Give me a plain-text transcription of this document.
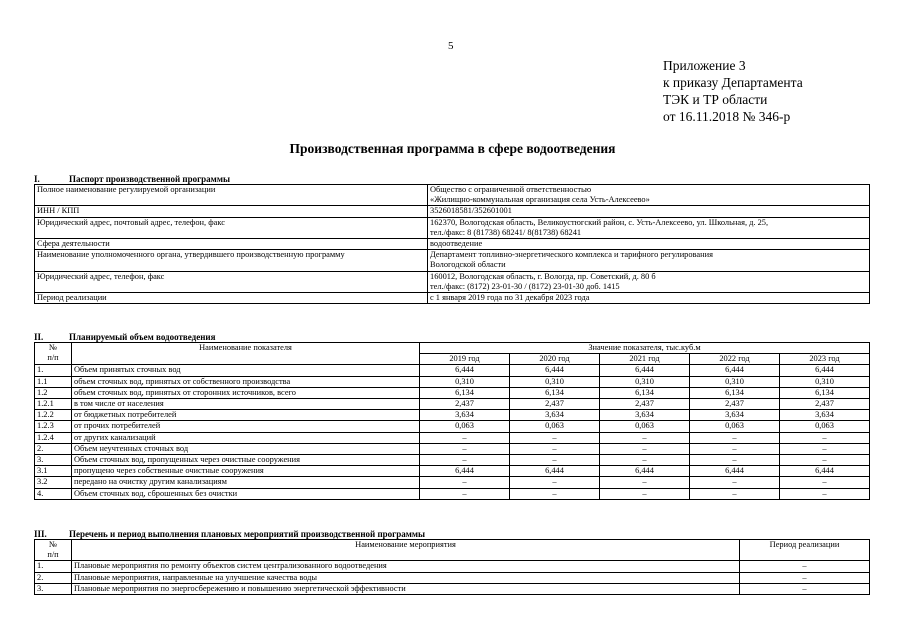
5
Приложение 3
к приказу Департамента
ТЭК и ТР области
от 16.11.2018 № 346-р
Производственная программа в сфере водоотведения
I.	Паспорт производственной программы
Полное наименование регулируемой организации	Общество с ограниченной ответственностью
«Жилищно-коммунальная организация села Усть-Алексеево»

ИНН / КПП	3526018581/352601001

Юридический адрес, почтовый адрес, телефон, факс	162370, Вологодская область, Великоустюгский район, с. Усть-Алексеево, ул. Школьная, д. 25,
тел./факс: 8 (81738) 68241/ 8(81738) 68241

Сфера деятельности	водоотведение

Наименование уполномоченного органа, утвердившего производственную программу	Департамент топливно-энергетического комплекса и тарифного регулирования
Вологодской области

Юридический адрес, телефон, факс	160012, Вологодская область, г. Вологда, пр. Советский, д. 80 б
тел./факс: (8172) 23-01-30 / (8172) 23-01-30 доб. 1415

Период реализации	с 1 января 2019 года по 31 декабря 2023 года
II.	Планируемый объем водоотведения
№
п/п	Наименование показателя	Значение показателя, тыс.куб.м				
		2019 год	2020 год	2021 год	2022 год	2023 год
1.	Объем принятых сточных вод	6,444	6,444	6,444	6,444	6,444
1.1	объем сточных вод, принятых от собственного производства	0,310	0,310	0,310	0,310	0,310
1.2	объем сточных вод, принятых от сторонних источников, всего	6,134	6,134	6,134	6,134	6,134
1.2.1	в том числе от населения	2,437	2,437	2,437	2,437	2,437
1.2.2	от бюджетных потребителей	3,634	3,634	3,634	3,634	3,634
1.2.3	от прочих потребителей	0,063	0,063	0,063	0,063	0,063
1.2.4	от других канализаций	–	–	–	–	–
2.	Объем неучтенных сточных вод	–	–	–	–	–
3.	Объем сточных вод, пропущенных через очистные сооружения	–	–	–	–	–
3.1	пропущено через собственные очистные сооружения	6,444	6,444	6,444	6,444	6,444
3.2	передано на очистку другим канализациям	–	–	–	–	–
4.	Объем сточных вод, сброшенных без очистки	–	–	–	–	–
III. Перечень и период выполнения плановых мероприятий производственной программы
№
п/п	Наименование мероприятия	Период реализации
1.	Плановые мероприятия по ремонту объектов систем централизованного водоотведения	–
2.	Плановые мероприятия, направленные на улучшение качества воды	–
3.	Плановые мероприятия по энергосбережению и повышению энергетической эффективности	–
